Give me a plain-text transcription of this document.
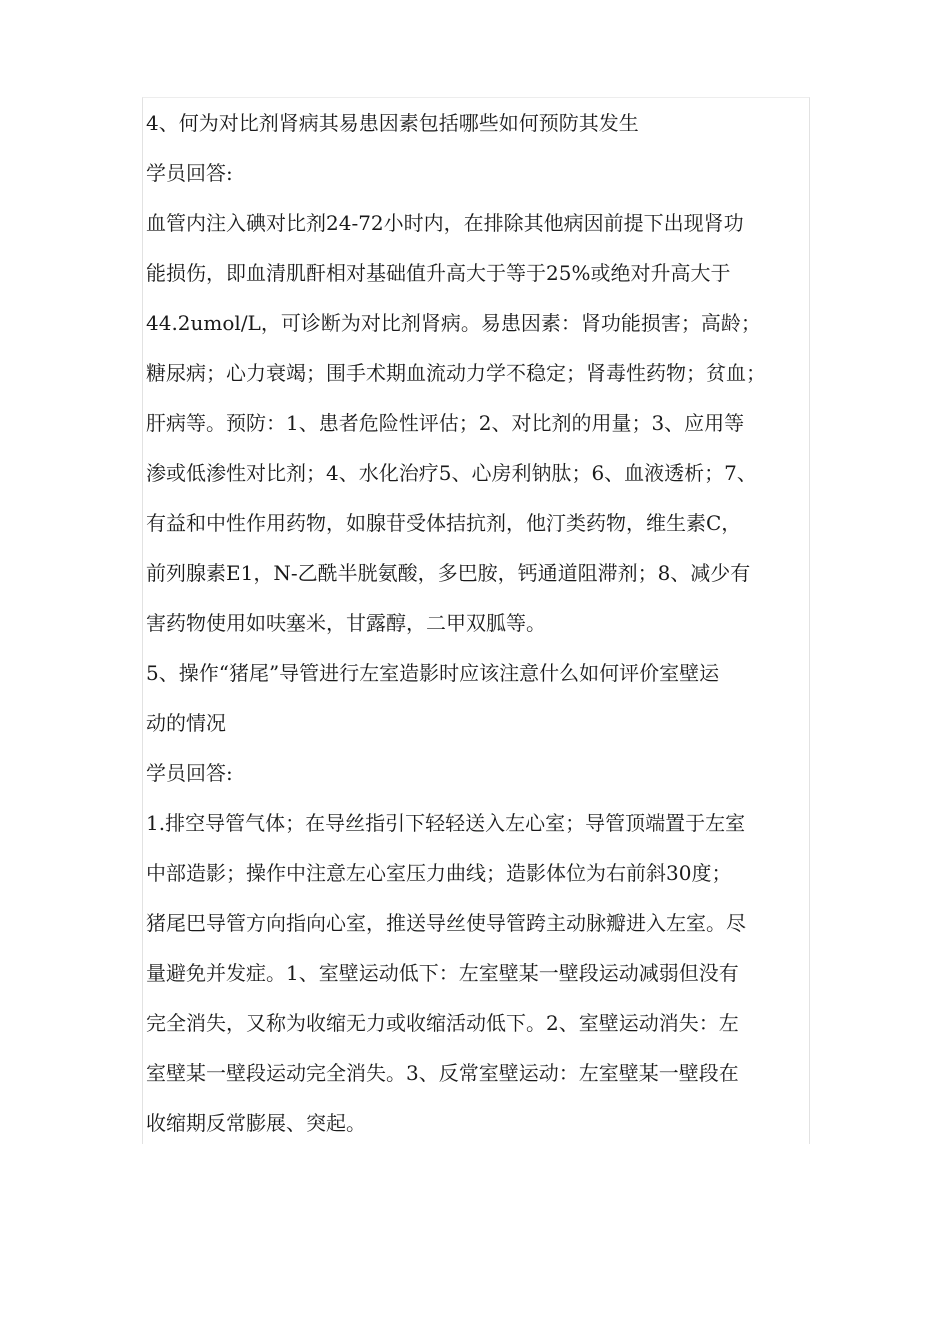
4、何为对比剂肾病其易患因素包括哪些如何预防其发生
学员回答:
血管内注入碘对比剂24-72小时内，在排除其他病因前提下出现肾功
能损伤，即血清肌酐相对基础值升高大于等于25%或绝对升高大于
44.2umol/L，可诊断为对比剂肾病。易患因素：肾功能损害；高龄；
糖尿病；心力衰竭；围手术期血流动力学不稳定；肾毒性药物；贫血；
肝病等。预防：1、患者危险性评估；2、对比剂的用量；3、应用等
渗或低渗性对比剂；4、水化治疗5、心房利钠肽；6、血液透析；7、
有益和中性作用药物，如腺苷受体拮抗剂，他汀类药物，维生素C，
前列腺素E1，N-乙酰半胱氨酸，多巴胺，钙通道阻滞剂；8、减少有
害药物使用如呋塞米，甘露醇，二甲双胍等。
5、操作“猪尾”导管进行左室造影时应该注意什么如何评价室壁运
动的情况
学员回答:
1.排空导管气体；在导丝指引下轻轻送入左心室；导管顶端置于左室
中部造影；操作中注意左心室压力曲线；造影体位为右前斜30度；
猪尾巴导管方向指向心室，推送导丝使导管跨主动脉瓣进入左室。尽
量避免并发症。1、室壁运动低下：左室壁某一壁段运动减弱但没有
完全消失，又称为收缩无力或收缩活动低下。2、室壁运动消失：左
室壁某一壁段运动完全消失。3、反常室壁运动：左室壁某一壁段在
收缩期反常膨展、突起。
